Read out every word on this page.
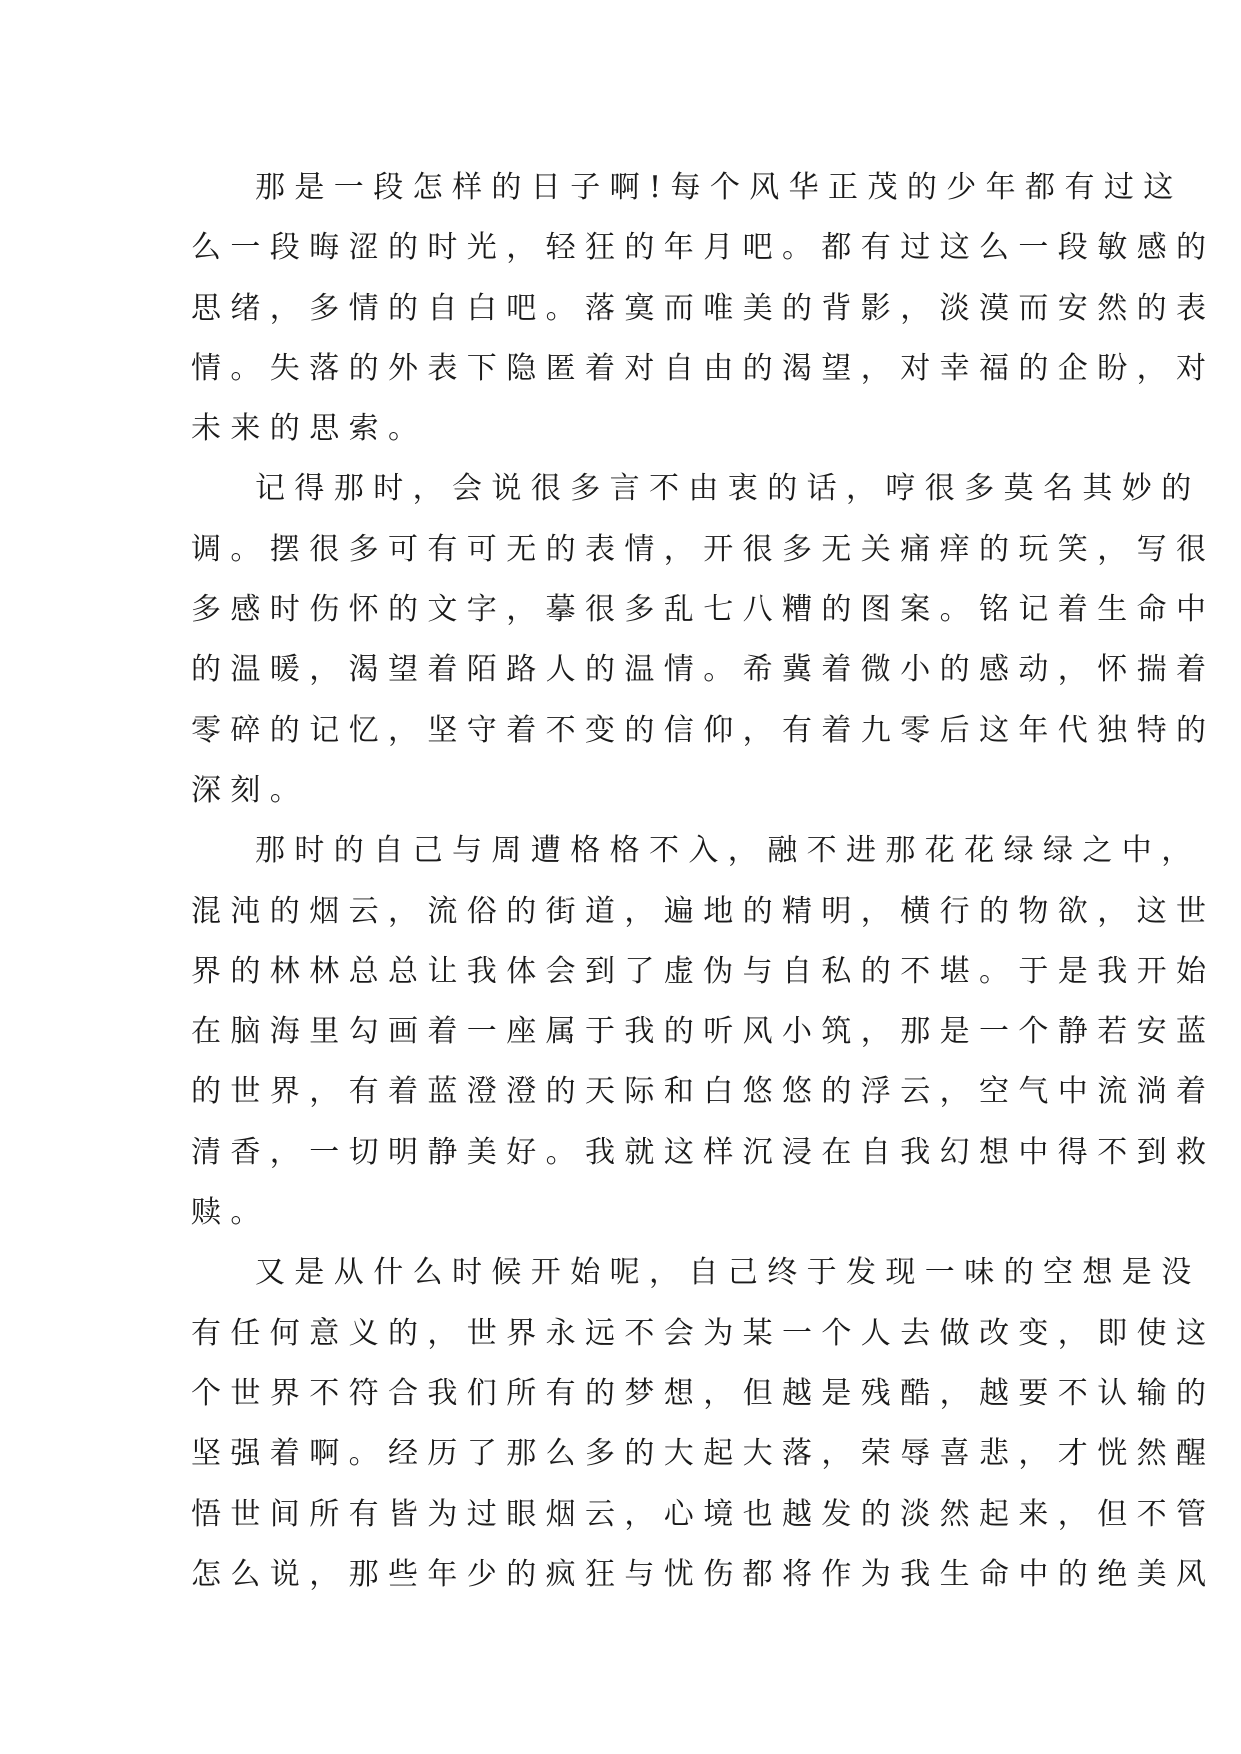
那是一段怎样的日子啊!每个风华正茂的少年都有过这
么一段晦涩的时光，轻狂的年月吧。都有过这么一段敏感的
思绪，多情的自白吧。落寞而唯美的背影，淡漠而安然的表
情。失落的外表下隐匿着对自由的渴望，对幸福的企盼，对
未来的思索。
记得那时，会说很多言不由衷的话，哼很多莫名其妙的
调。摆很多可有可无的表情，开很多无关痛痒的玩笑，写很
多感时伤怀的文字，摹很多乱七八糟的图案。铭记着生命中
的温暖，渴望着陌路人的温情。希冀着微小的感动，怀揣着
零碎的记忆，坚守着不变的信仰，有着九零后这年代独特的
深刻。
那时的自己与周遭格格不入，融不进那花花绿绿之中，
混沌的烟云，流俗的街道，遍地的精明，横行的物欲，这世
界的林林总总让我体会到了虚伪与自私的不堪。于是我开始
在脑海里勾画着一座属于我的听风小筑，那是一个静若安蓝
的世界，有着蓝澄澄的天际和白悠悠的浮云，空气中流淌着
清香，一切明静美好。我就这样沉浸在自我幻想中得不到救
赎。
又是从什么时候开始呢，自己终于发现一味的空想是没
有任何意义的，世界永远不会为某一个人去做改变，即使这
个世界不符合我们所有的梦想，但越是残酷，越要不认输的
坚强着啊。经历了那么多的大起大落，荣辱喜悲，才恍然醒
悟世间所有皆为过眼烟云，心境也越发的淡然起来，但不管
怎么说，那些年少的疯狂与忧伤都将作为我生命中的绝美风
